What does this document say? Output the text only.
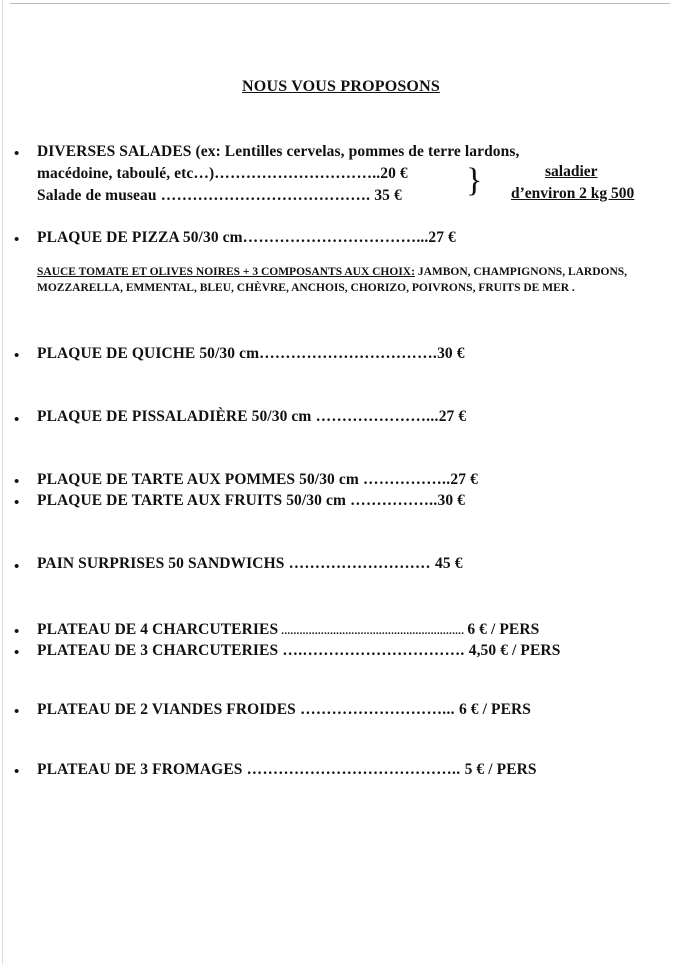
NOUS VOUS PROPOSONS
• DIVERSES SALADES (ex: Lentilles cervelas, pommes de terre lardons,
macédoine, taboulé, etc…)…………………………..20 €
Salade de museau …………………………………. 35 € }	saladier
d’environ 2 kg 500
• PLAQUE DE PIZZA 50/30 cm……………………………...27 €
SAUCE TOMATE ET OLIVES NOIRES + 3 COMPOSANTS AUX CHOIX: JAMBON, CHAMPIGNONS, LARDONS, MOZZARELLA, EMMENTAL, BLEU, CHÈVRE, ANCHOIS, CHORIZO, POIVRONS, FRUITS DE MER .
• PLAQUE DE QUICHE 50/30 cm…………………………….30 €
• PLAQUE DE PISSALADIÈRE 50/30 cm …………………...27 €
• PLAQUE DE TARTE AUX POMMES 50/30 cm ……………..27 €
• PLAQUE DE TARTE AUX FRUITS 50/30 cm ……………..30 €
• PAIN SURPRISES 50 SANDWICHS ……………………… 45 €
• PLATEAU DE 4 CHARCUTERIES ............................................................ 6 € / PERS
• PLATEAU DE 3 CHARCUTERIES ….…………………………. 4,50 € / PERS
• PLATEAU DE 2 VIANDES FROIDES ………………………... 6 € / PERS
• PLATEAU DE 3 FROMAGES ………………………………….. 5 € / PERS
